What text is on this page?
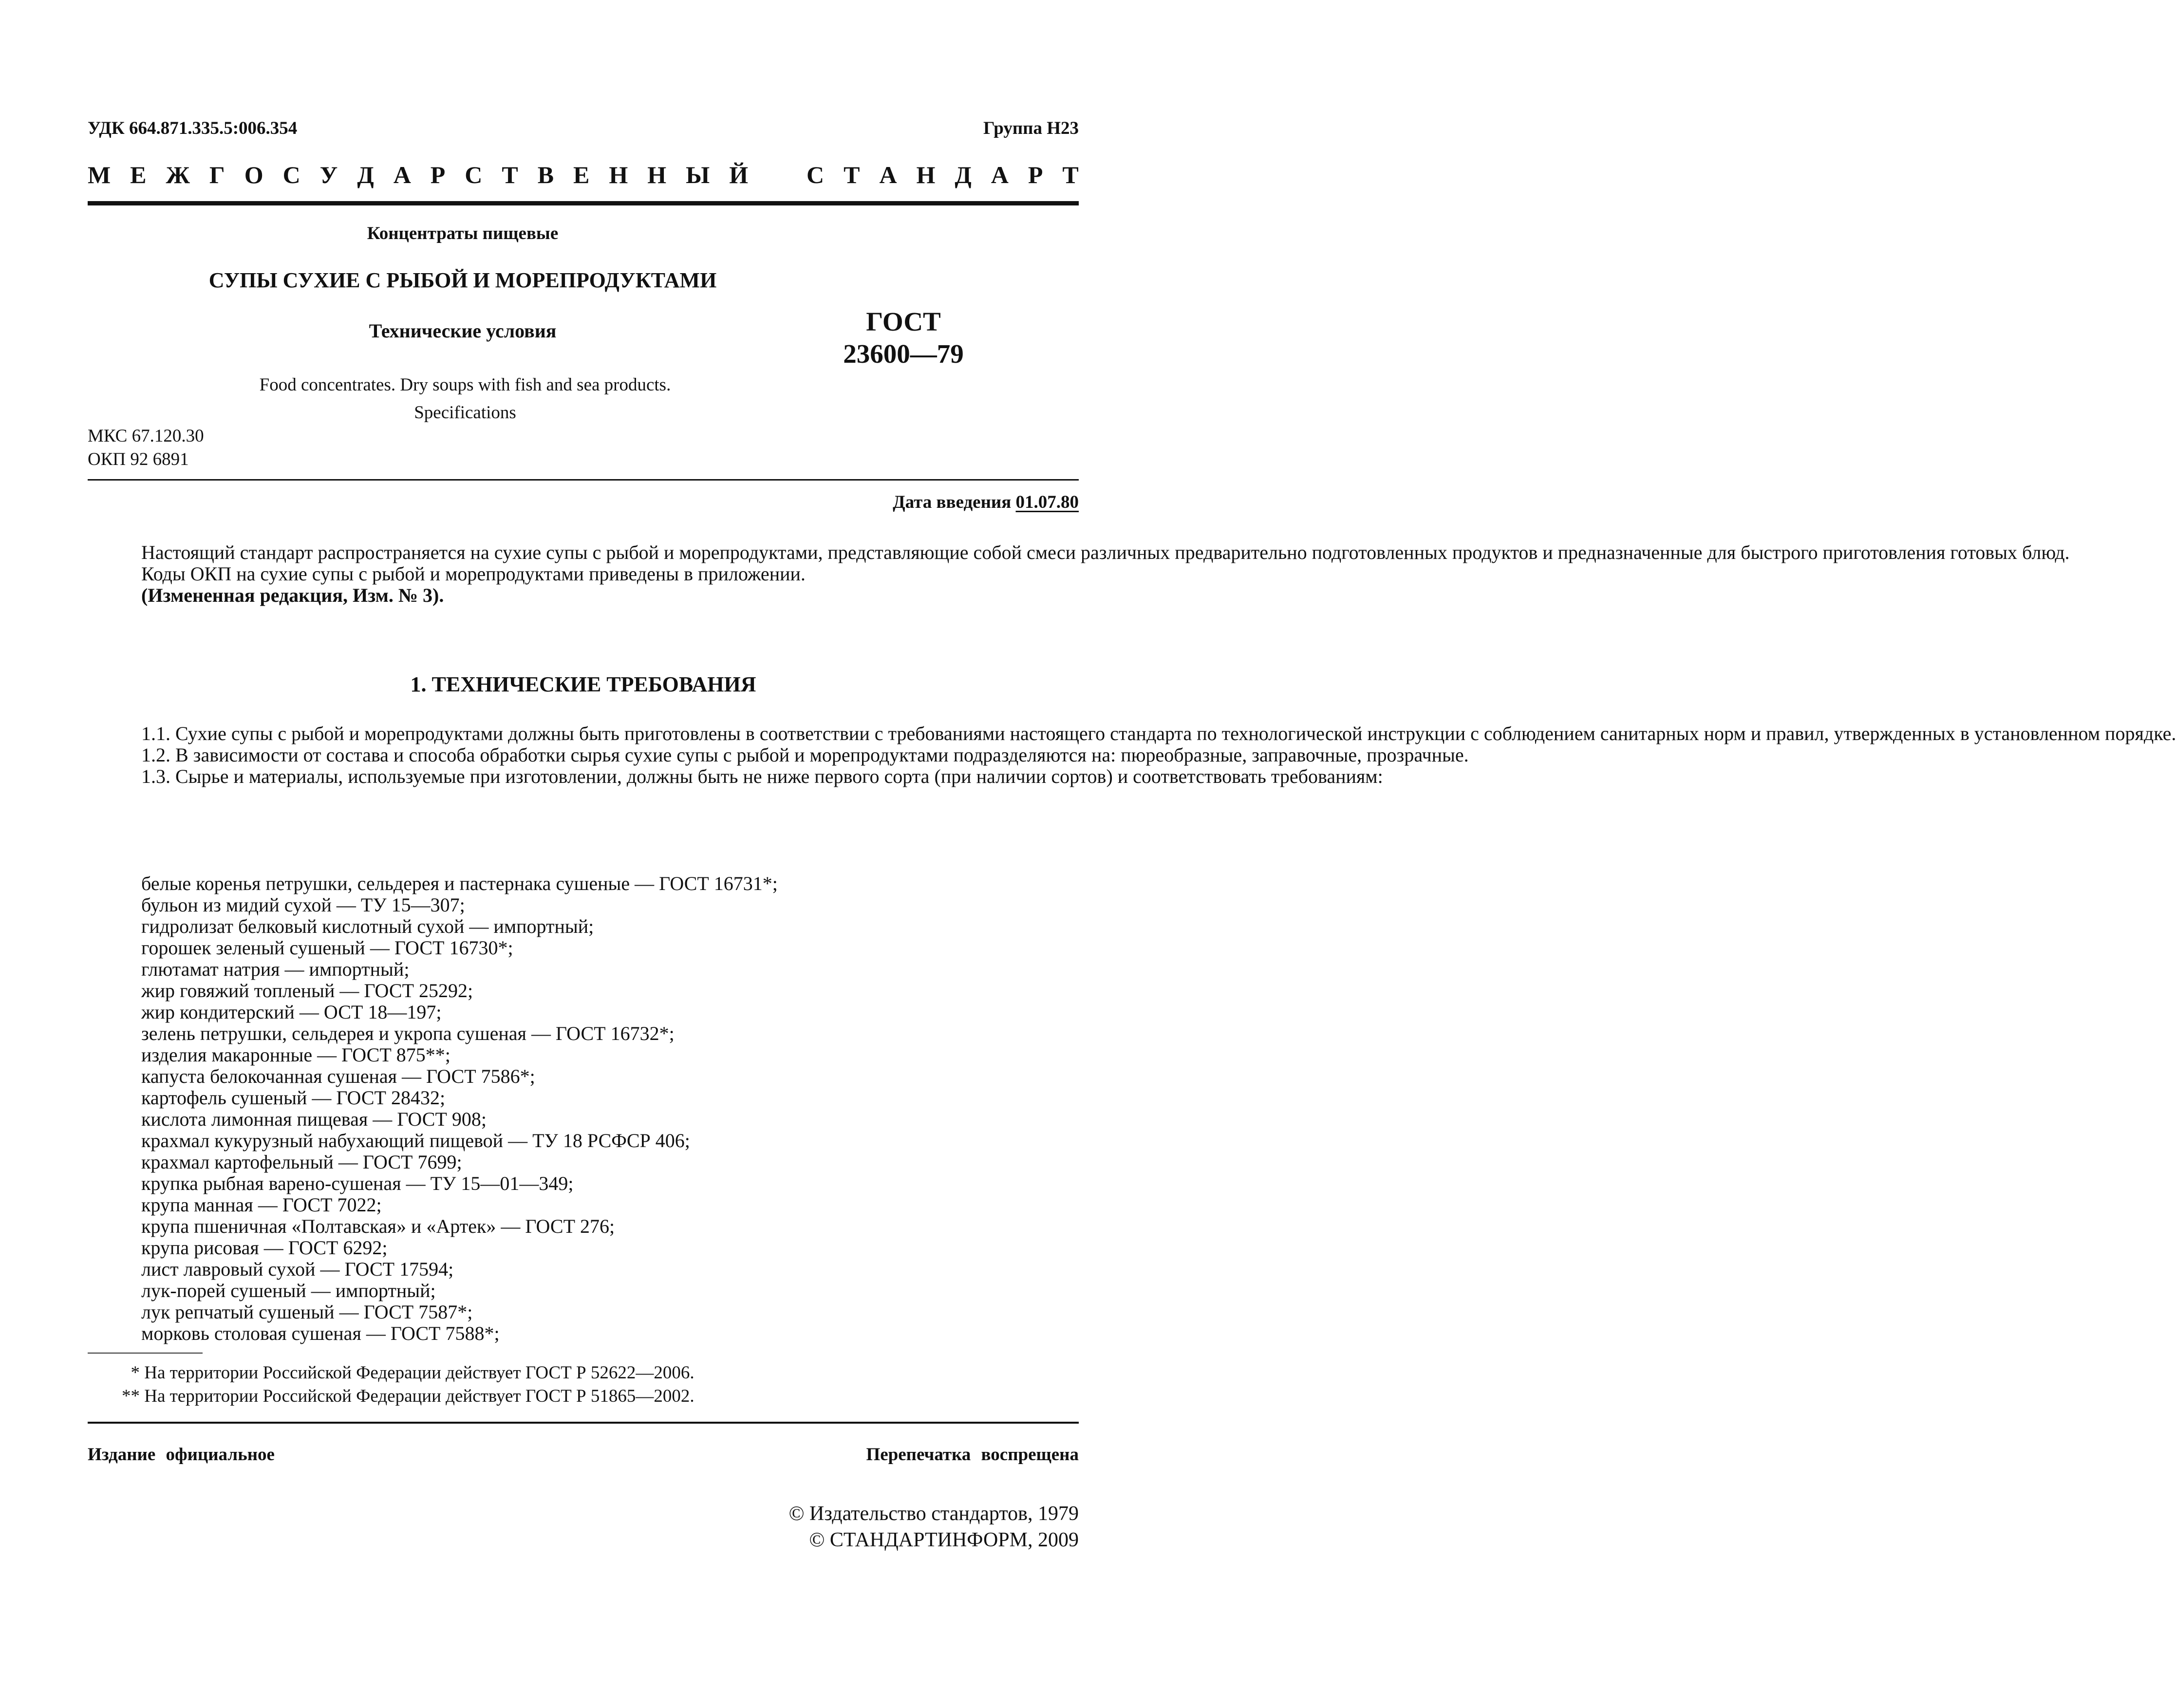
УДК 664.871.335.5:006.354	Группа Н23
М Е Ж Г О С У Д А Р С Т В Е Н Н Ы Й С Т А Н Д А Р Т
Концентраты пищевые
СУПЫ СУХИЕ С РЫБОЙ И МОРЕПРОДУКТАМИ
Технические условия	ГОСТ
23600—79
Food concentrates. Dry soups with fish and sea products.
Specifications
МКС 67.120.30
ОКП 92 6891
Дата введения 01.07.80

Настоящий стандарт распространяется на сухие супы с рыбой и морепродуктами, представляющие собой смеси различных предварительно подготовленных продуктов и предназначенные для быстрого приготовления готовых блюд.

Коды ОКП на сухие супы с рыбой и морепродуктами приведены в приложении.

(Измененная редакция, Изм. № 3).

1. ТЕХНИЧЕСКИЕ ТРЕБОВАНИЯ

1.1. Сухие супы с рыбой и морепродуктами должны быть приготовлены в соответствии с требованиями настоящего стандарта по технологической инструкции с соблюдением санитарных норм и правил, утвержденных в установленном порядке.

1.2. В зависимости от состава и способа обработки сырья сухие супы с рыбой и морепродуктами подразделяются на: пюреобразные, заправочные, прозрачные.

1.3. Сырье и материалы, используемые при изготовлении, должны быть не ниже первого сорта (при наличии сортов) и соответствовать требованиям:

белые коренья петрушки, сельдерея и пастернака сушеные — ГОСТ 16731*;
бульон из мидий сухой — ТУ 15—307;
гидролизат белковый кислотный сухой — импортный;
горошек зеленый сушеный — ГОСТ 16730*;
глютамат натрия — импортный;
жир говяжий топленый — ГОСТ 25292;
жир кондитерский — ОСТ 18—197;
зелень петрушки, сельдерея и укропа сушеная — ГОСТ 16732*;
изделия макаронные — ГОСТ 875**;
капуста белокочанная сушеная — ГОСТ 7586*;
картофель сушеный — ГОСТ 28432;
кислота лимонная пищевая — ГОСТ 908;
крахмал кукурузный набухающий пищевой — ТУ 18 РСФСР 406;
крахмал картофельный — ГОСТ 7699;
крупка рыбная варено-сушеная — ТУ 15—01—349;
крупа манная — ГОСТ 7022;
крупа пшеничная «Полтавская» и «Артек» — ГОСТ 276;
крупа рисовая — ГОСТ 6292;
лист лавровый сухой — ГОСТ 17594;
лук-порей сушеный — импортный;
лук репчатый сушеный — ГОСТ 7587*;
морковь столовая сушеная — ГОСТ 7588*;
* На территории Российской Федерации действует ГОСТ Р 52622—2006.
** На территории Российской Федерации действует ГОСТ Р 51865—2002.
Издание официальное	Перепечатка воспрещена
© Издательство стандартов, 1979
© СТАНДАРТИНФОРМ, 2009
